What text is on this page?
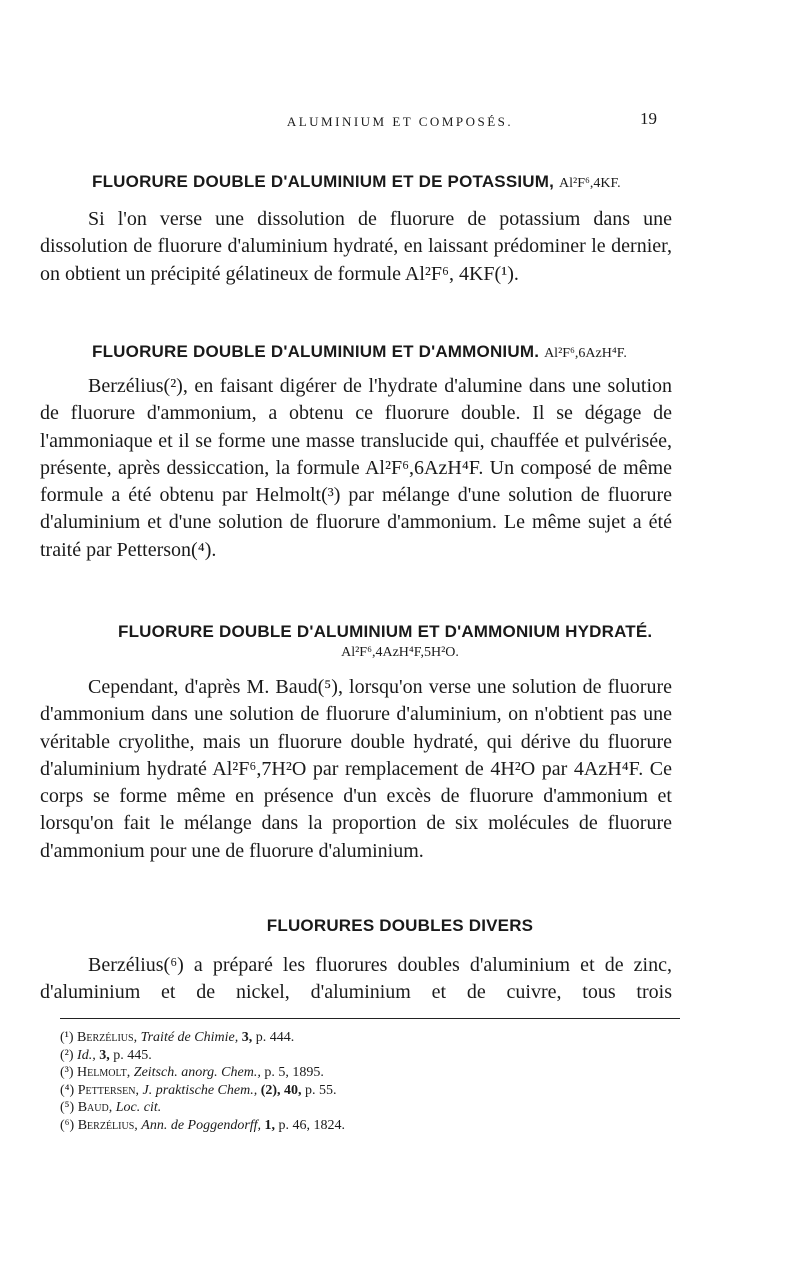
ALUMINIUM ET COMPOSÉS.	19
FLUORURE DOUBLE D'ALUMINIUM ET DE POTASSIUM, Al²F⁶,4KF.

Si l'on verse une dissolution de fluorure de potassium dans une dissolution de fluorure d'aluminium hydraté, en laissant prédominer le dernier, on obtient un précipité gélatineux de formule Al²F⁶, 4KF(¹).

FLUORURE DOUBLE D'ALUMINIUM ET D'AMMONIUM. Al²F⁶,6AzH⁴F.

Berzélius(²), en faisant digérer de l'hydrate d'alumine dans une solution de fluorure d'ammonium, a obtenu ce fluorure double. Il se dégage de l'ammoniaque et il se forme une masse translucide qui, chauffée et pulvérisée, présente, après dessiccation, la formule Al²F⁶,6AzH⁴F. Un composé de même formule a été obtenu par Helmolt(³) par mélange d'une solution de fluorure d'aluminium et d'une solution de fluorure d'ammonium. Le même sujet a été traité par Petterson(⁴).

FLUORURE DOUBLE D'ALUMINIUM ET D'AMMONIUM HYDRATÉ.
Al²F⁶,4AzH⁴F,5H²O.

Cependant, d'après M. Baud(⁵), lorsqu'on verse une solution de fluorure d'ammonium dans une solution de fluorure d'aluminium, on n'obtient pas une véritable cryolithe, mais un fluorure double hydraté, qui dérive du fluorure d'aluminium hydraté Al²F⁶,7H²O par remplacement de 4H²O par 4AzH⁴F. Ce corps se forme même en présence d'un excès de fluorure d'ammonium et lorsqu'on fait le mélange dans la proportion de six molécules de fluorure d'ammonium pour une de fluorure d'aluminium.

FLUORURES DOUBLES DIVERS

Berzélius(⁶) a préparé les fluorures doubles d'aluminium et de zinc, d'aluminium et de nickel, d'aluminium et de cuivre, tous trois

(¹) Berzélius, Traité de Chimie, 3, p. 444.
(²) Id., 3, p. 445.
(³) Helmolt, Zeitsch. anorg. Chem., p. 5, 1895.
(⁴) Pettersen, J. praktische Chem., (2), 40, p. 55.
(⁵) Baud, Loc. cit.
(⁶) Berzélius, Ann. de Poggendorff, 1, p. 46, 1824.
